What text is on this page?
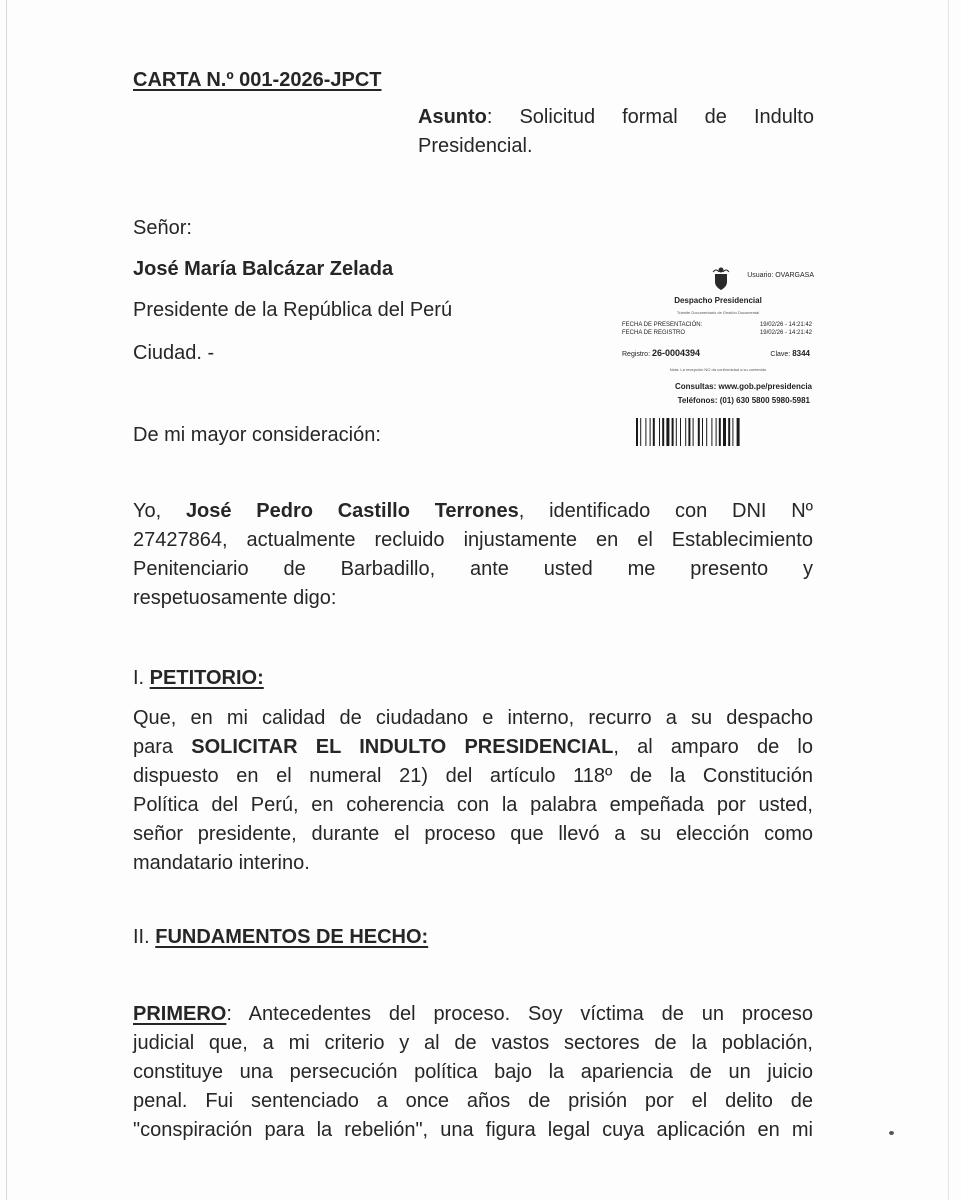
CARTA N.º 001-2026-JPCT
Asunto: Solicitud formal de Indulto
Presidencial.
Señor:
José María Balcázar Zelada
Presidente de la República del Perú
Ciudad. -
De mi mayor consideración:
Usuario: OVARGASA
Despacho Presidencial
Trámite Documentario de Gestión Documental
FECHA DE PRESENTACIÓN:	19/02/26 - 14:21:42
FECHA DE REGISTRO	19/02/26 - 14:21:42
Registro: 26-0004394	Clave: 8344
Nota: La recepción NO da conformidad a su contenido
Consultas: www.gob.pe/presidencia
Teléfonos: (01) 630 5800 5980-5981
Yo, José Pedro Castillo Terrones, identificado con DNI Nº
27427864, actualmente recluido injustamente en el Establecimiento
Penitenciario de Barbadillo, ante usted me presento y
respetuosamente digo:
I. PETITORIO:
Que, en mi calidad de ciudadano e interno, recurro a su despacho
para SOLICITAR EL INDULTO PRESIDENCIAL, al amparo de lo
dispuesto en el numeral 21) del artículo 118º de la Constitución
Política del Perú, en coherencia con la palabra empeñada por usted,
señor presidente, durante el proceso que llevó a su elección como
mandatario interino.
II. FUNDAMENTOS DE HECHO:
PRIMERO: Antecedentes del proceso. Soy víctima de un proceso
judicial que, a mi criterio y al de vastos sectores de la población,
constituye una persecución política bajo la apariencia de un juicio
penal. Fui sentenciado a once años de prisión por el delito de
"conspiración para la rebelión", una figura legal cuya aplicación en mi
